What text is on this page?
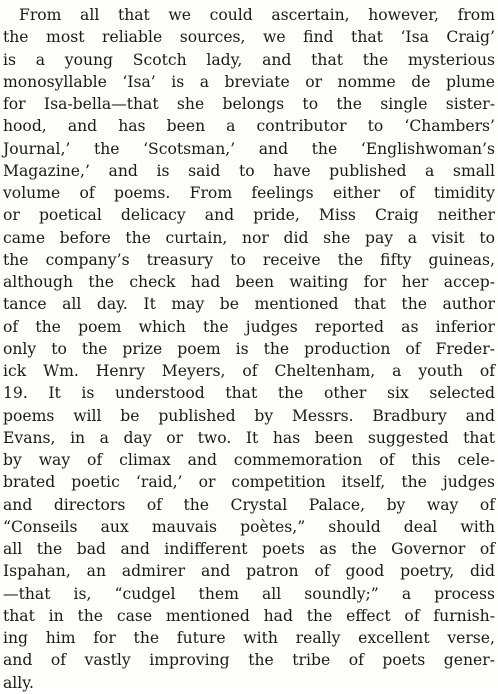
From all that we could ascertain, however, from
the most reliable sources, we find that ‘Isa Craig’
is a young Scotch lady, and that the mysterious
monosyllable ‘Isa’ is a breviate or nomme de plume
for Isa-bella—that she belongs to the single sister-
hood, and has been a contributor to ‘Chambers’
Journal,’ the ‘Scotsman,’ and the ‘Englishwoman’s
Magazine,’ and is said to have published a small
volume of poems. From feelings either of timidity
or poetical delicacy and pride, Miss Craig neither
came before the curtain, nor did she pay a visit to
the company’s treasury to receive the fifty guineas,
although the check had been waiting for her accep-
tance all day. It may be mentioned that the author
of the poem which the judges reported as inferior
only to the prize poem is the production of Freder-
ick Wm. Henry Meyers, of Cheltenham, a youth of
19. It is understood that the other six selected
poems will be published by Messrs. Bradbury and
Evans, in a day or two. It has been suggested that
by way of climax and commemoration of this cele-
brated poetic ‘raid,’ or competition itself, the judges
and directors of the Crystal Palace, by way of
“Conseils aux mauvais poètes,” should deal with
all the bad and indifferent poets as the Governor of
Ispahan, an admirer and patron of good poetry, did
—that is, “cudgel them all soundly;” a process
that in the case mentioned had the effect of furnish-
ing him for the future with really excellent verse,
and of vastly improving the tribe of poets gener-
ally.
